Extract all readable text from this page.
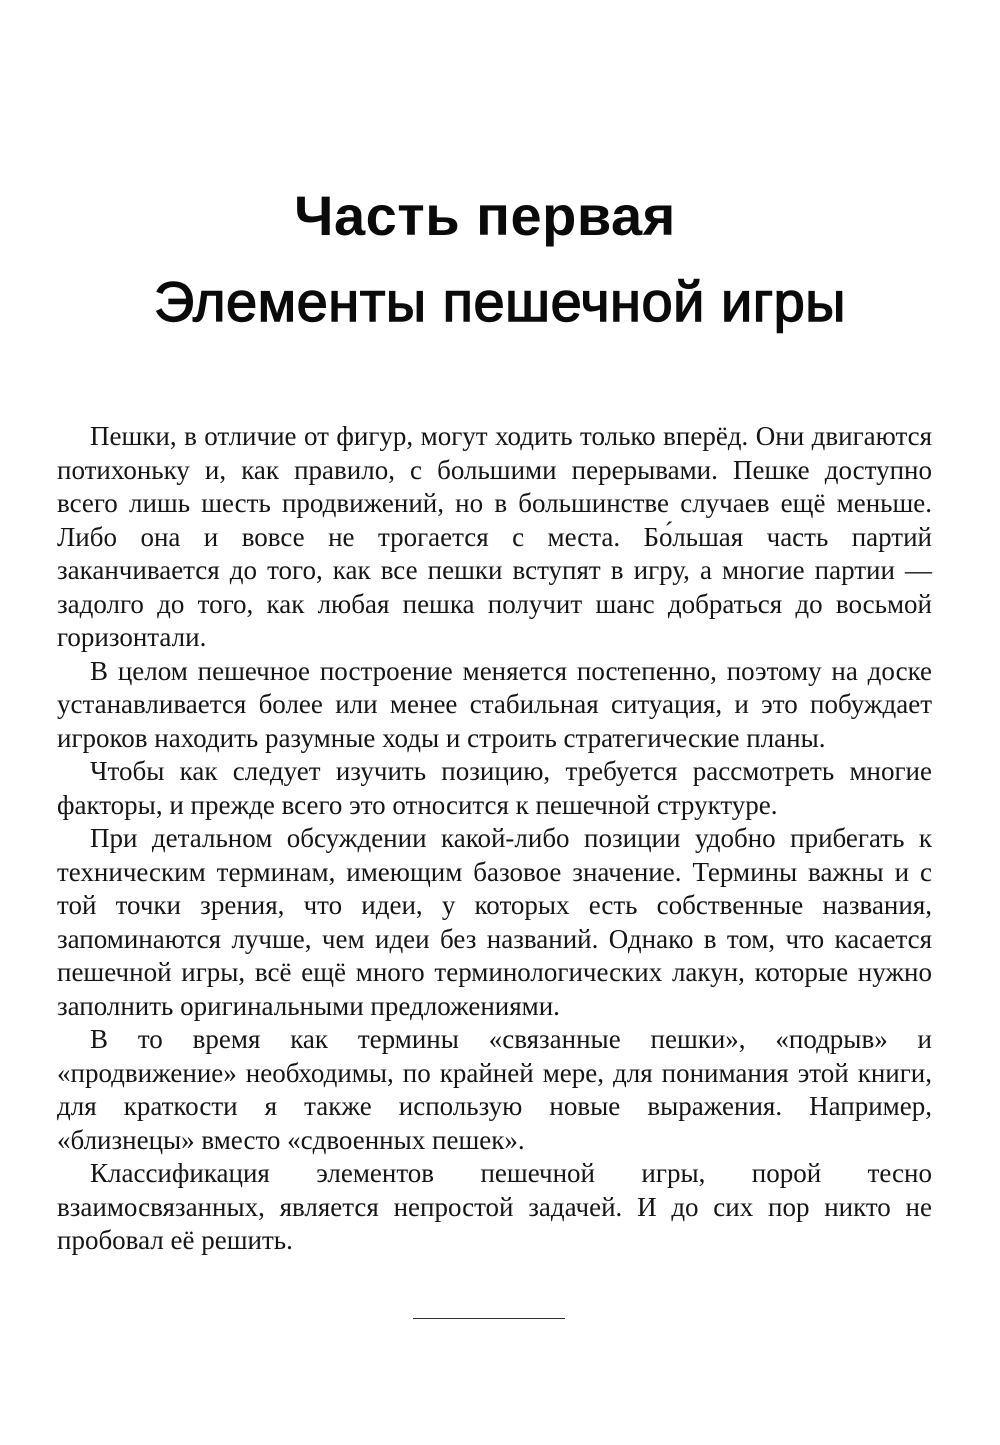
Часть первая
Элементы пешечной игры

Пешки, в отличие от фигур, могут ходить только вперёд. Они двигаются потихоньку и, как правило, с большими перерывами. Пешке доступно всего лишь шесть продвижений, но в большинстве случаев ещё меньше. Либо она и вовсе не трогается с места. Бо́льшая часть партий заканчивается до того, как все пешки вступят в игру, а многие партии — задолго до того, как любая пешка получит шанс добраться до восьмой горизонтали.

В целом пешечное построение меняется постепенно, поэтому на доске устанавливается более или менее стабильная ситуация, и это побуждает игроков находить разумные ходы и строить стратегические планы.

Чтобы как следует изучить позицию, требуется рассмотреть многие факторы, и прежде всего это относится к пешечной структуре.

При детальном обсуждении какой-либо позиции удобно прибегать к техническим терминам, имеющим базовое значение. Термины важны и с той точки зрения, что идеи, у которых есть собственные названия, запоминаются лучше, чем идеи без названий. Однако в том, что касается пешечной игры, всё ещё много терминологических лакун, которые нужно заполнить оригинальными предложениями.

В то время как термины «связанные пешки», «подрыв» и «продвижение» необходимы, по крайней мере, для понимания этой книги, для краткости я также использую новые выражения. Например, «близнецы» вместо «сдвоенных пешек».

Классификация элементов пешечной игры, порой тесно взаимосвязанных, является непростой задачей. И до сих пор никто не пробовал её решить.
